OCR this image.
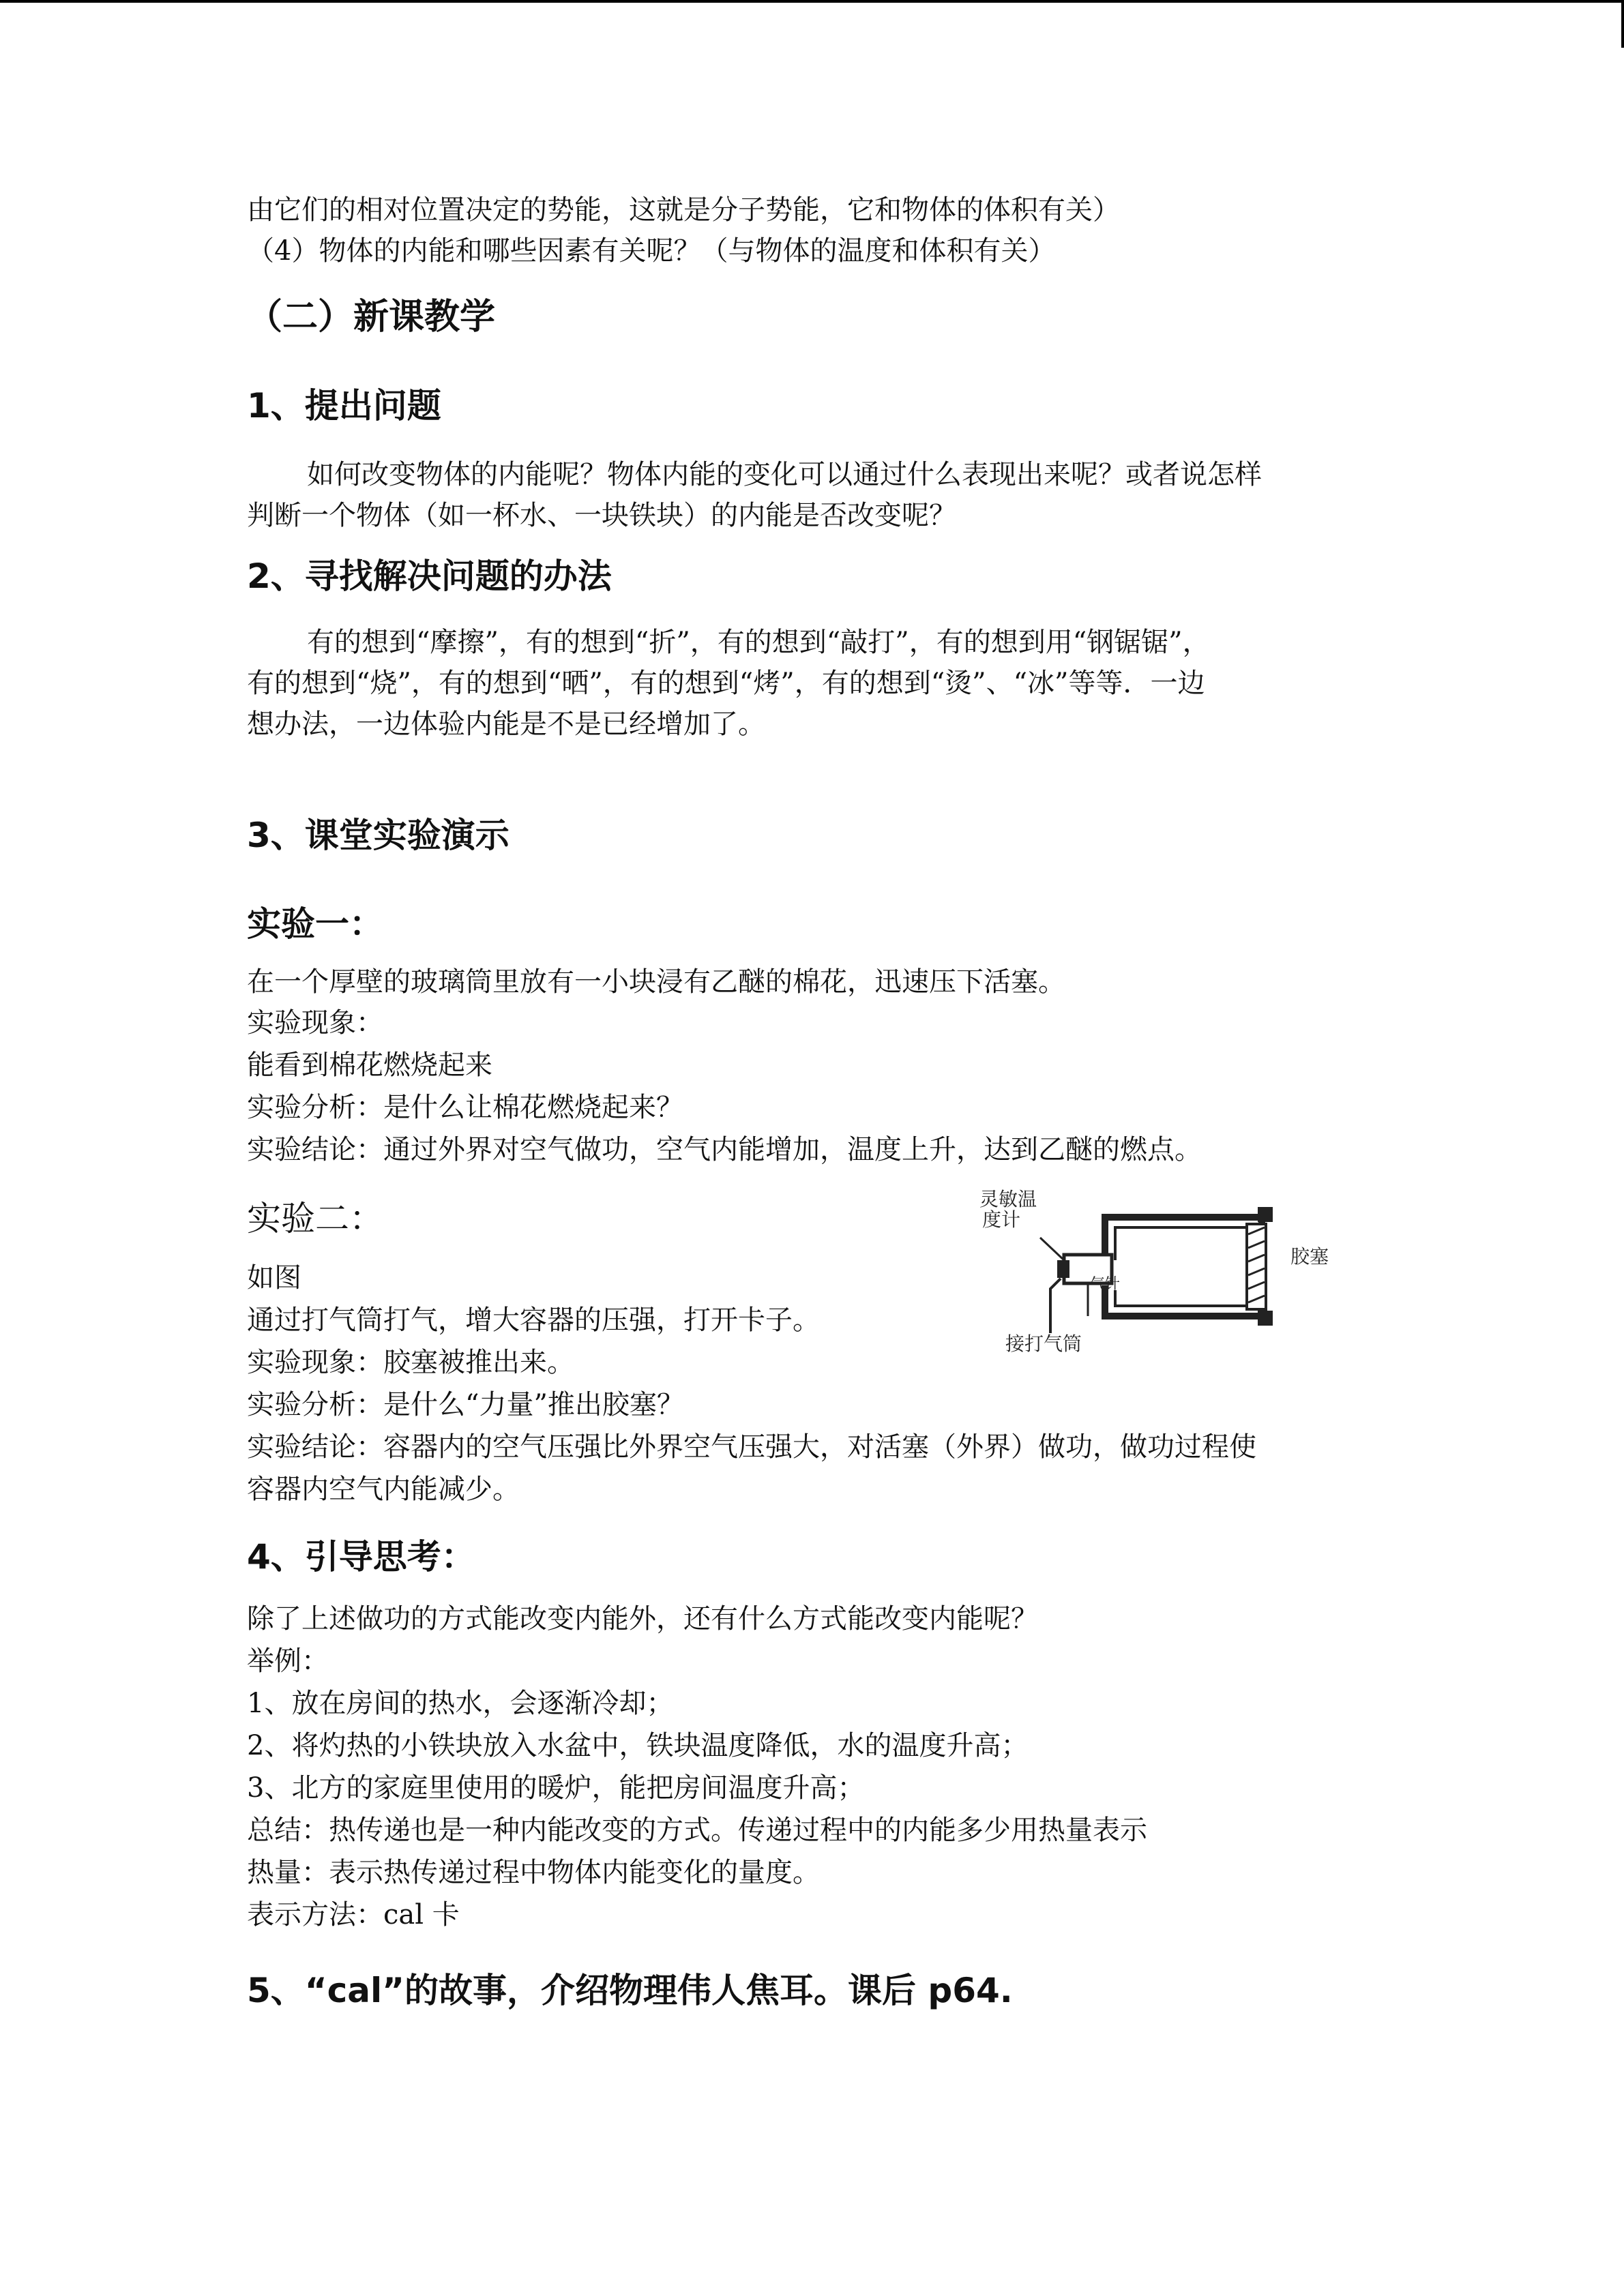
由它们的相对位置决定的势能，这就是分子势能，它和物体的体积有关）
（4）物体的内能和哪些因素有关呢？（与物体的温度和体积有关）
（二）新课教学
1、提出问题
如何改变物体的内能呢？物体内能的变化可以通过什么表现出来呢？或者说怎样
判断一个物体（如一杯水、一块铁块）的内能是否改变呢？
2、寻找解决问题的办法
有的想到“摩擦”，有的想到“折”，有的想到“敲打”，有的想到用“钢锯锯”，
有的想到“烧”，有的想到“晒”，有的想到“烤”，有的想到“烫”、“冰”等等．一边
想办法，一边体验内能是不是已经增加了。
3、课堂实验演示
实验一：
在一个厚壁的玻璃筒里放有一小块浸有乙醚的棉花，迅速压下活塞。
实验现象：
能看到棉花燃烧起来
实验分析：是什么让棉花燃烧起来？
实验结论：通过外界对空气做功，空气内能增加，温度上升，达到乙醚的燃点。
实验二：
如图
通过打气筒打气，增大容器的压强，打开卡子。
实验现象：胶塞被推出来。
实验分析：是什么“力量”推出胶塞？
实验结论：容器内的空气压强比外界空气压强大，对活塞（外界）做功，做功过程使
容器内空气内能减少。
4、引导思考：
除了上述做功的方式能改变内能外，还有什么方式能改变内能呢？
举例：
1、放在房间的热水，会逐渐冷却；
2、将灼热的小铁块放入水盆中，铁块温度降低，水的温度升高；
3、北方的家庭里使用的暖炉，能把房间温度升高；
总结：热传递也是一种内能改变的方式。传递过程中的内能多少用热量表示
热量：表示热传递过程中物体内能变化的量度。
表示方法：cal 卡
5、“cal”的故事，介绍物理伟人焦耳。课后 p64.
灵敏温
度计
胶塞
气针
接打气筒
